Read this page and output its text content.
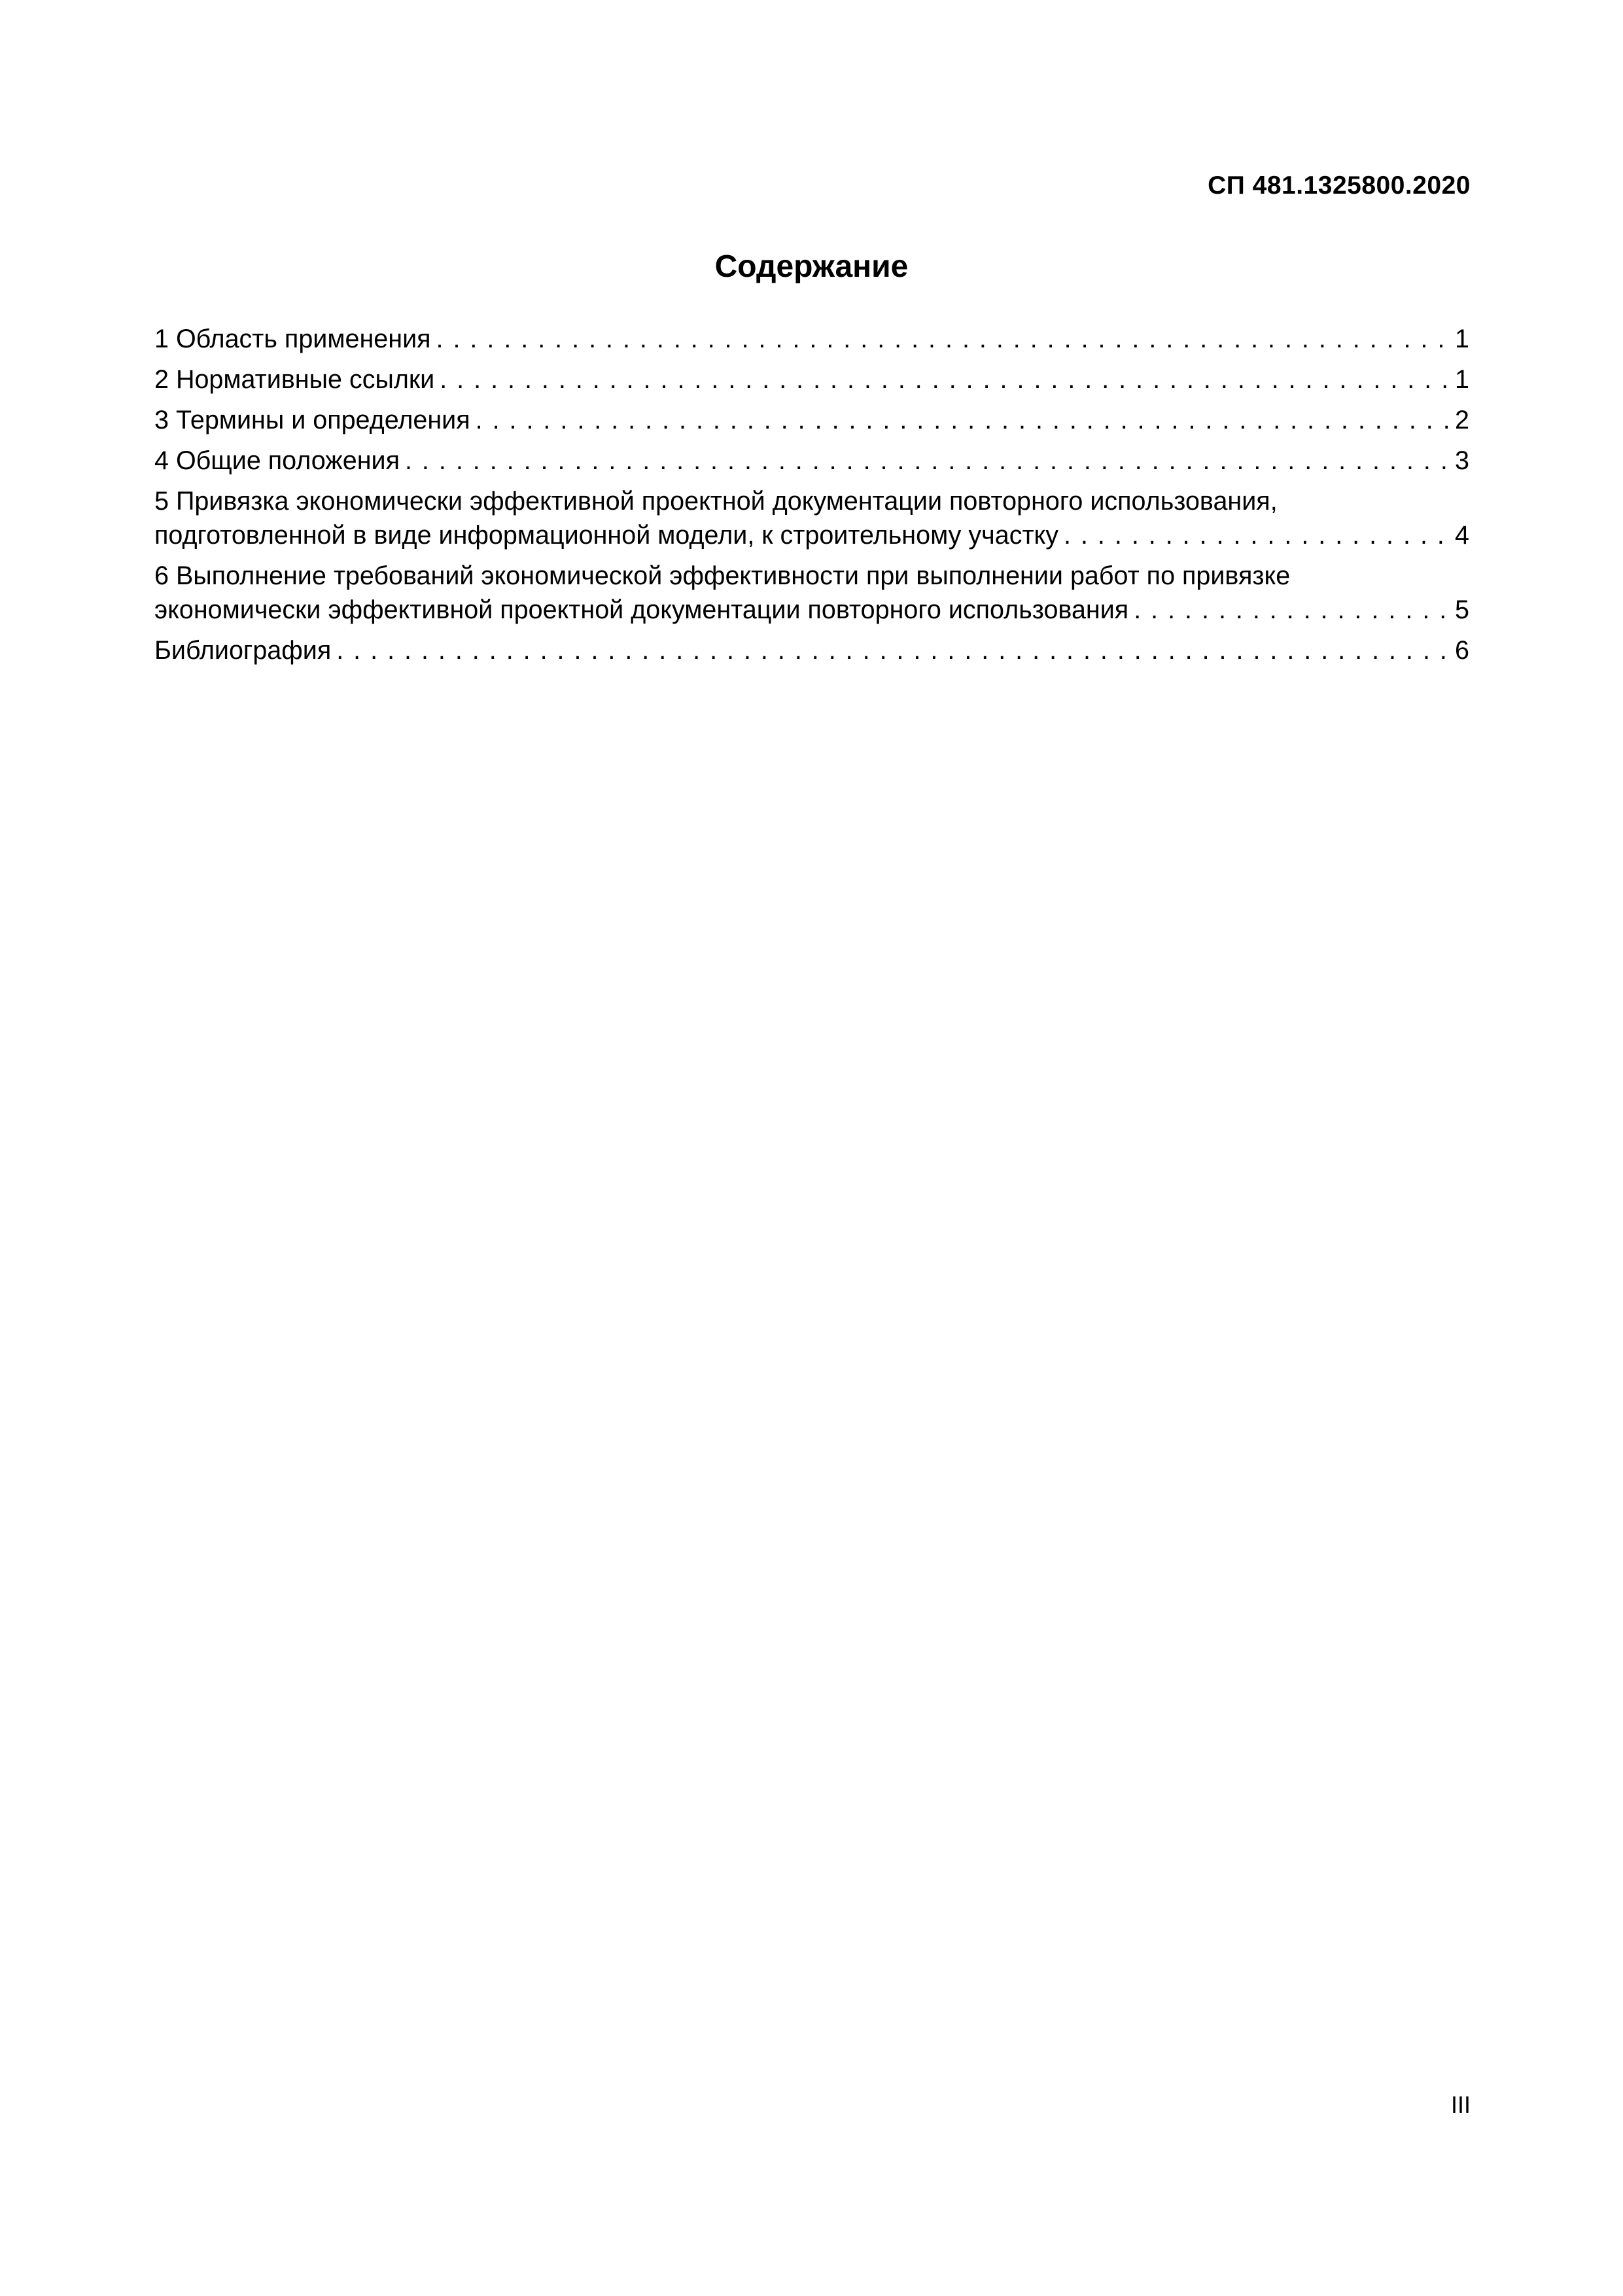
СП 481.1325800.2020

Содержание
1 Область применения . . .	1
2 Нормативные ссылки . . .	1
3 Термины и определения . . .	2
4 Общие положения . . .	3
5 Привязка экономически эффективной проектной документации повторного использования,
подготовленной в виде информационной модели, к строительному участку . . .	4
6 Выполнение требований экономической эффективности при выполнении работ по привязке
экономически эффективной проектной документации повторного использования . . .	5
Библиография . . .	6

III
